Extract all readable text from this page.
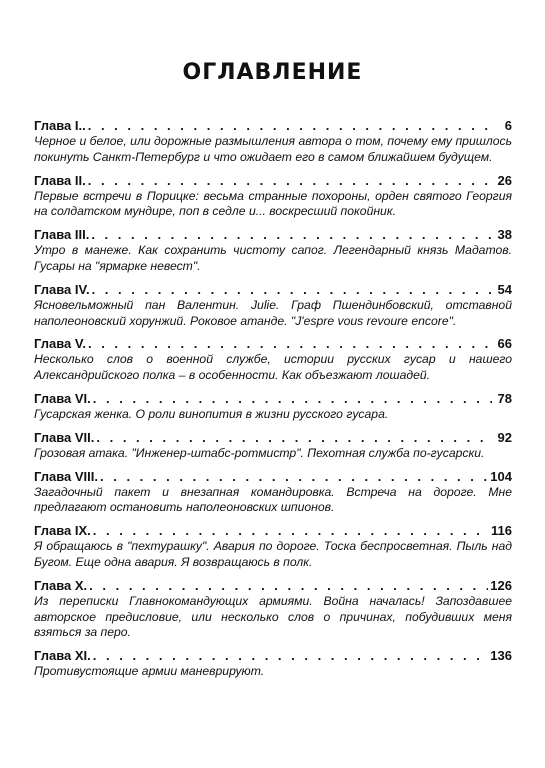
ОГЛАВЛЕНИЕ
Глава I.. . . .	6
Черное и белое, или дорожные размышления автора о том, почему ему пришлось покинуть Санкт-Петербург и что ожидает его в самом ближайшем будущем.
Глава II. . . .	26
Первые встречи в Порицке: весьма странные похороны, орден святого Георгия на солдатском мундире, поп в седле и... воскресший покойник.
Глава III. . . .	38
Утро в манеже. Как сохранить чистоту сапог. Легендарный князь Мадатов. Гусары на "ярмарке невест".
Глава IV. . . .	54
Ясновельможный пан Валентин. Julie. Граф Пшендинбовский, отставной наполеоновский хорунжий. Роковое атанде. "J'espre vous revoure encore".
Глава V. . . .	66
Несколько слов о военной службе, истории русских гусар и нашего Александрийского полка – в особенности. Как объезжают лошадей.
Глава VI. . . .	78
Гусарская женка. О роли винопития в жизни русского гусара.
Глава VII. . . .	92
Грозовая атака. "Инженер-штабс-ротмистр". Пехотная служба по-гусарски.
Глава VIII. . . .	104
Загадочный пакет и внезапная командировка. Встреча на дороге. Мне предлагают остановить наполеоновских шпионов.
Глава IX. . . .	116
Я обращаюсь в "пехтурашку". Авария по дороге. Тоска беспросветная. Пыль над Бугом. Еще одна авария. Я возвращаюсь в полк.
Глава X. . . .	126
Из переписки Главнокомандующих армиями. Война началась! Запоздавшее авторское предисловие, или несколько слов о причинах, побудивших меня взяться за перо.
Глава XI. . . .	136
Противустоящие армии маневрируют.
